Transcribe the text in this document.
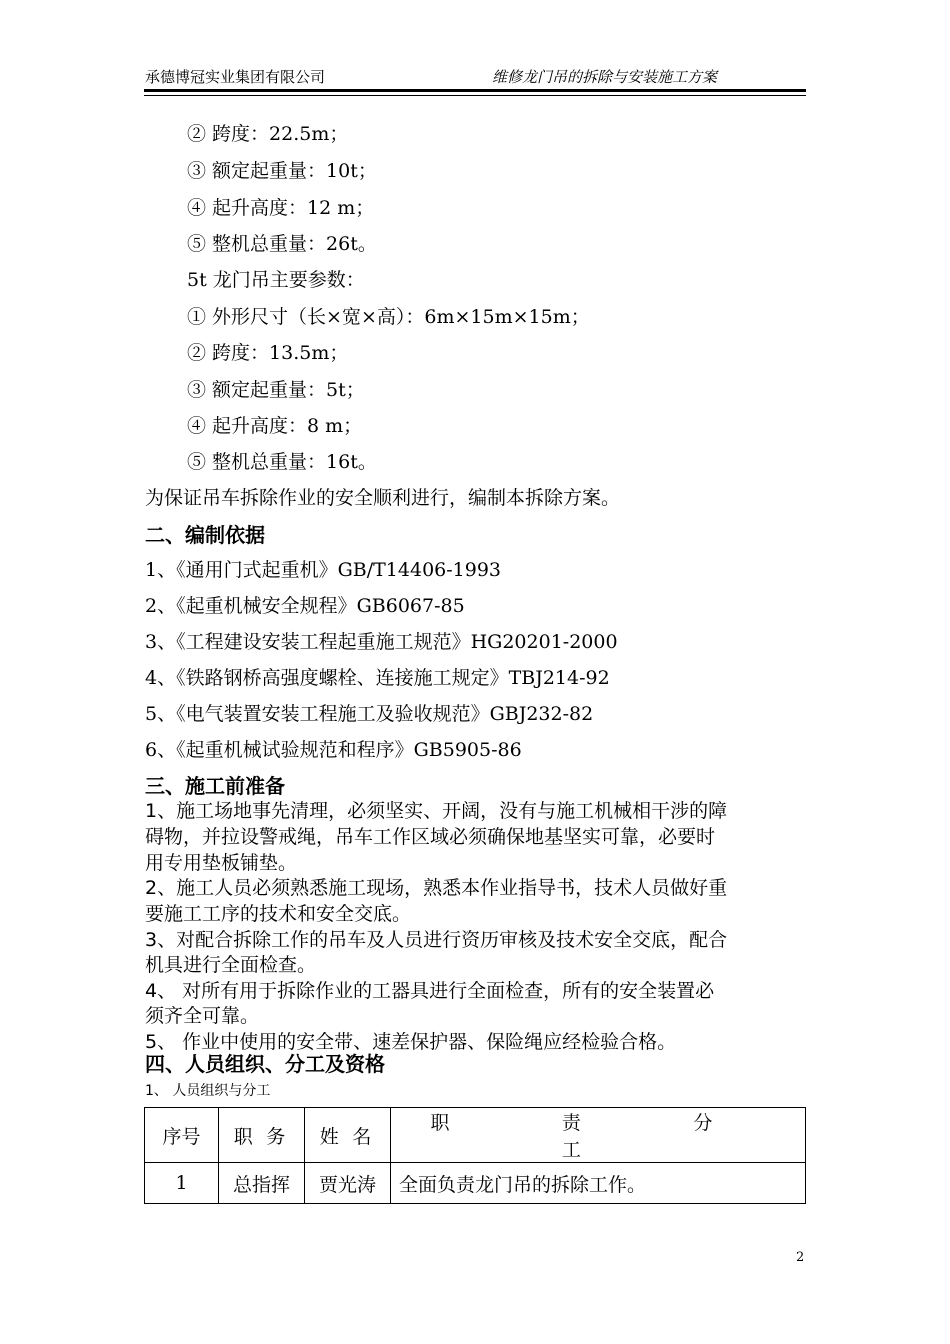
承德博冠实业集团有限公司	维修龙门吊的拆除与安装施工方案
② 跨度：22.5m；
③ 额定起重量：10t；
④ 起升高度：12 m；
⑤ 整机总重量：26t。
5t 龙门吊主要参数：
① 外形尺寸（长×宽×高）：6m×15m×15m；
② 跨度：13.5m；
③ 额定起重量：5t；
④ 起升高度：8 m；
⑤ 整机总重量：16t。
为保证吊车拆除作业的安全顺利进行，编制本拆除方案。
二、编制依据
1、《通用门式起重机》GB/T14406-1993
2、《起重机械安全规程》GB6067-85
3、《工程建设安装工程起重施工规范》HG20201-2000
4、《铁路钢桥高强度螺栓、连接施工规定》TBJ214-92
5、《电气装置安装工程施工及验收规范》GBJ232-82
6、《起重机械试验规范和程序》GB5905-86
三、施工前准备
1、施工场地事先清理，必须坚实、开阔，没有与施工机械相干涉的障
碍物，并拉设警戒绳，吊车工作区域必须确保地基坚实可靠，必要时
用专用垫板铺垫。
2、施工人员必须熟悉施工现场，熟悉本作业指导书，技术人员做好重
要施工工序的技术和安全交底。
3、对配合拆除工作的吊车及人员进行资历审核及技术安全交底，配合
机具进行全面检查。
4、 对所有用于拆除作业的工器具进行全面检查，所有的安全装置必
须齐全可靠。
5、 作业中使用的安全带、速差保护器、保险绳应经检验合格。
四、人员组织、分工及资格
1、 人员组织与分工
序号	职 务	姓 名	职 责 分 工
1	总指挥	贾光涛	全面负责龙门吊的拆除工作。
2
